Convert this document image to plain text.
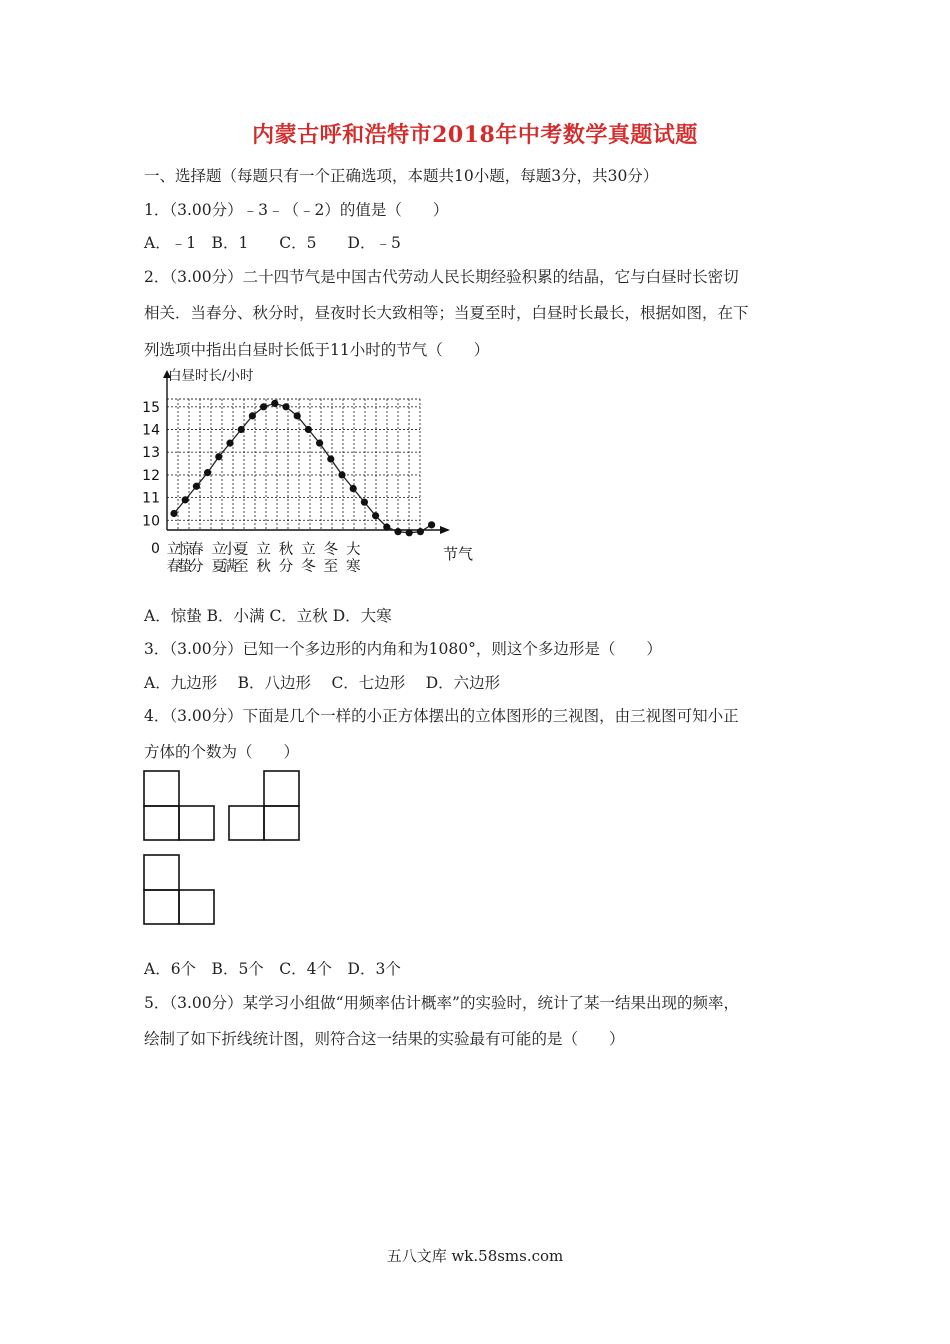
内蒙古呼和浩特市2018年中考数学真题试题
一、选择题（每题只有一个正确选项，本题共10小题，每题3分，共30分）
1．（3.00分）﹣3﹣（﹣2）的值是（　　）
A．﹣1　B．1　　C．5　　D．﹣5
2．（3.00分）二十四节气是中国古代劳动人民长期经验积累的结晶，它与白昼时长密切
相关．当春分、秋分时，昼夜时长大致相等；当夏至时，白昼时长最长，根据如图，在下
列选项中指出白昼时长低于11小时的节气（　　）
10
11
12
13
14
15
0
白昼时长/小时
节气
立
春
惊
蛰
春
分
立
夏
小
满
夏
至
立
秋
秋
分
立
冬
冬
至
大
寒
A．惊蛰 B．小满 C．立秋 D．大寒
3．（3.00分）已知一个多边形的内角和为1080°，则这个多边形是（　　）
A．九边形　 B．八边形　 C．七边形　 D．六边形
4．（3.00分）下面是几个一样的小正方体摆出的立体图形的三视图，由三视图可知小正
方体的个数为（　　）
A．6个　B．5个　C．4个　D．3个
5．（3.00分）某学习小组做“用频率估计概率”的实验时，统计了某一结果出现的频率，
绘制了如下折线统计图，则符合这一结果的实验最有可能的是（　　）
五八文库 wk.58sms.com
